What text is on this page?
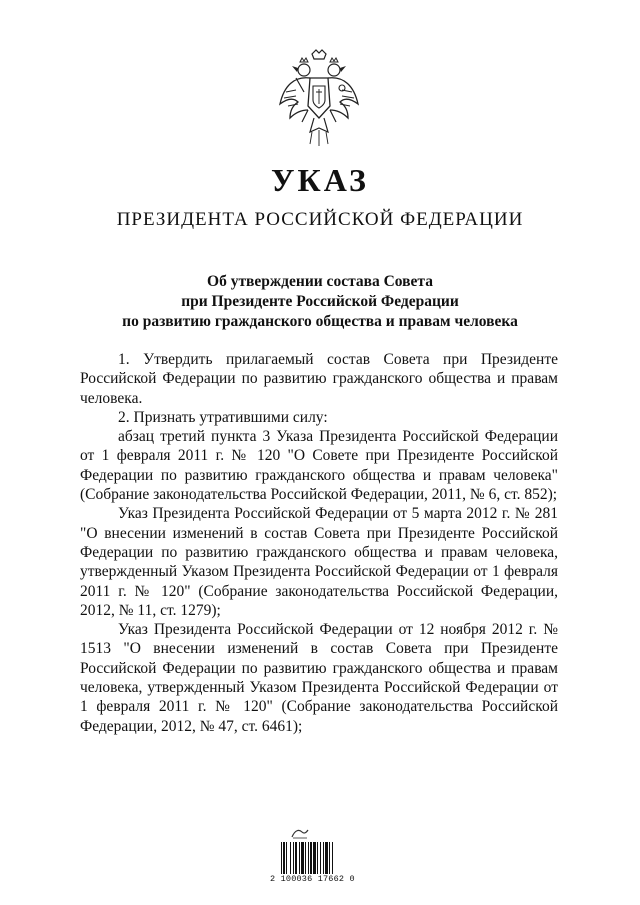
УКАЗ
ПРЕЗИДЕНТА РОССИЙСКОЙ ФЕДЕРАЦИИ
Об утверждении состава Совета
при Президенте Российской Федерации
по развитию гражданского общества и правам человека

1. Утвердить прилагаемый состав Совета при Президенте Российской Федерации по развитию гражданского общества и правам человека.

2. Признать утратившими силу:

абзац третий пункта 3 Указа Президента Российской Федерации от 1 февраля 2011 г. № 120 "О Совете при Президенте Российской Федерации по развитию гражданского общества и правам человека" (Собрание законодательства Российской Федерации, 2011, № 6, ст. 852);

Указ Президента Российской Федерации от 5 марта 2012 г. № 281 "О внесении изменений в состав Совета при Президенте Российской Федерации по развитию гражданского общества и правам человека, утвержденный Указом Президента Российской Федерации от 1 февраля 2011 г. № 120" (Собрание законодательства Российской Федерации, 2012, № 11, ст. 1279);

Указ Президента Российской Федерации от 12 ноября 2012 г. № 1513 "О внесении изменений в состав Совета при Президенте Российской Федерации по развитию гражданского общества и правам человека, утвержденный Указом Президента Российской Федерации от 1 февраля 2011 г. № 120" (Собрание законодательства Российской Федерации, 2012, № 47, ст. 6461);

2 100036 17662 0
